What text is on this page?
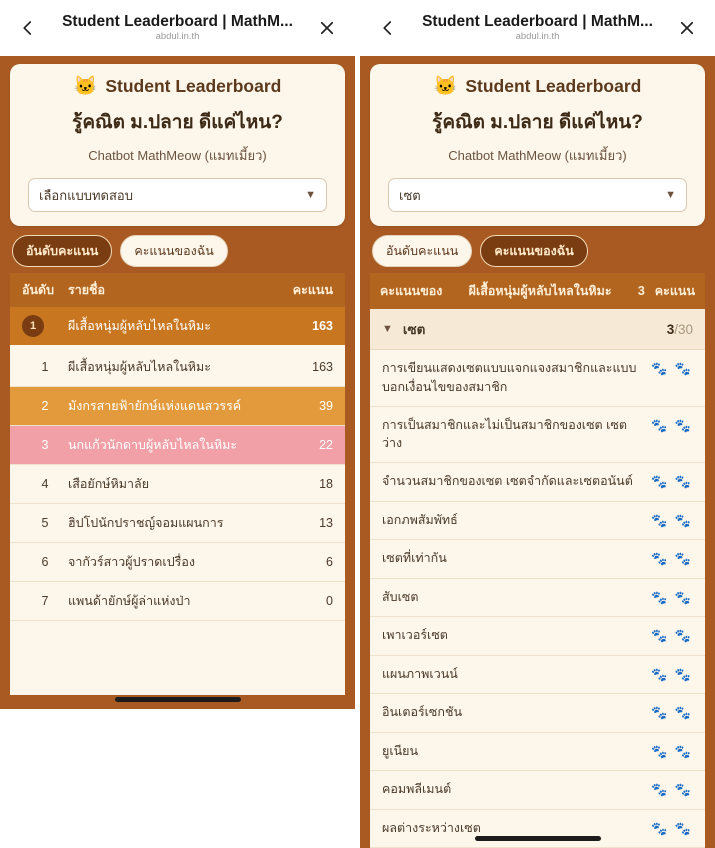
Student Leaderboard | MathM...
abdul.in.th
🐱 Student Leaderboard
รู้คณิต ม.ปลาย ดีแค่ไหน?
Chatbot MathMeow (แมทเมี้ยว)
เลือกแบบทดสอบ	▼
อันดับคะแนน	คะแนนของฉัน
อันดับ	รายชื่อ	คะแนน
1	ผีเสื้อหนุ่มผู้หลับไหลในหิมะ	163
1	ผีเสื้อหนุ่มผู้หลับไหลในหิมะ	163
2	มังกรสายฟ้ายักษ์แห่งแดนสวรรค์	39
3	นกแก้วนักดาบผู้หลับไหลในหิมะ	22
4	เสือยักษ์หิมาลัย	18
5	ฮิปโปนักปราชญ์จอมแผนการ	13
6	จากัวร์สาวผู้ปราดเปรื่อง	6
7	แพนด้ายักษ์ผู้ล่าแห่งป่า	0
Student Leaderboard | MathM...
abdul.in.th
🐱 Student Leaderboard
รู้คณิต ม.ปลาย ดีแค่ไหน?
Chatbot MathMeow (แมทเมี้ยว)
เซต	▼
อันดับคะแนน	คะแนนของฉัน
คะแนนของ	ผีเสื้อหนุ่มผู้หลับไหลในหิมะ	3 คะแนน
▼ เซต	3/30
การเขียนแสดงเซตแบบแจกแจงสมาชิกและแบบบอกเงื่อนไขของสมาชิก
🐾 🐾
การเป็นสมาชิกและไม่เป็นสมาชิกของเซต เซตว่าง
🐾 🐾
จำนวนสมาชิกของเซต เซตจำกัดและเซตอนันต์	🐾 🐾
เอกภพสัมพัทธ์	🐾 🐾
เซตที่เท่ากัน	🐾 🐾
สับเซต	🐾 🐾
เพาเวอร์เซต	🐾 🐾
แผนภาพเวนน์	🐾 🐾
อินเตอร์เซกชัน	🐾 🐾
ยูเนียน	🐾 🐾
คอมพลีเมนต์	🐾 🐾
ผลต่างระหว่างเซต	🐾 🐾
